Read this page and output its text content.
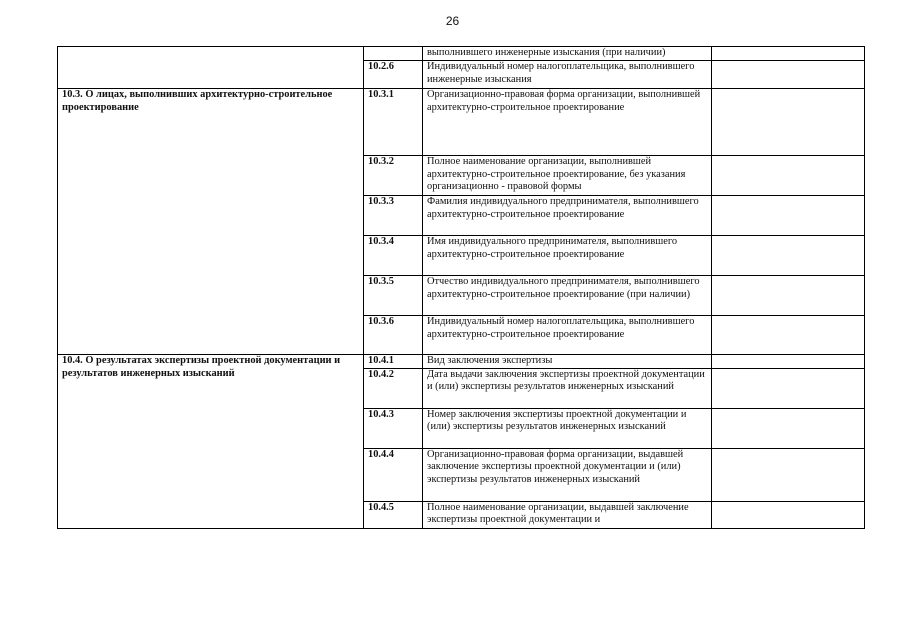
26
		выполнившего инженерные изыскания (при наличии)	
	10.2.6	Индивидуальный номер налогоплательщика, выполнившего инженерные изыскания	
10.3. О лицах, выполнивших архитектурно-строительное проектирование	10.3.1	Организационно-правовая форма организации, выполнившей архитектурно-строительное проектирование	
	10.3.2	Полное наименование организации, выполнившей архитектурно-строительное проектирование, без указания организационно - правовой формы	
	10.3.3	Фамилия индивидуального предпринимателя, выполнившего архитектурно-строительное проектирование	
	10.3.4	Имя индивидуального предпринимателя, выполнившего архитектурно-строительное проектирование	
	10.3.5	Отчество индивидуального предпринимателя, выполнившего архитектурно-строительное проектирование (при наличии)	
	10.3.6	Индивидуальный номер налогоплательщика, выполнившего архитектурно-строительное проектирование	
10.4. О результатах экспертизы проектной документации и результатов инженерных изысканий	10.4.1	Вид заключения экспертизы	
	10.4.2	Дата выдачи заключения экспертизы проектной документации и (или) экспертизы результатов инженерных изысканий	
	10.4.3	Номер заключения экспертизы проектной документации и (или) экспертизы результатов инженерных изысканий	
	10.4.4	Организационно-правовая форма организации, выдавшей заключение экспертизы проектной документации и (или) экспертизы результатов инженерных изысканий	
	10.4.5	Полное наименование организации, выдавшей заключение экспертизы проектной документации и	
